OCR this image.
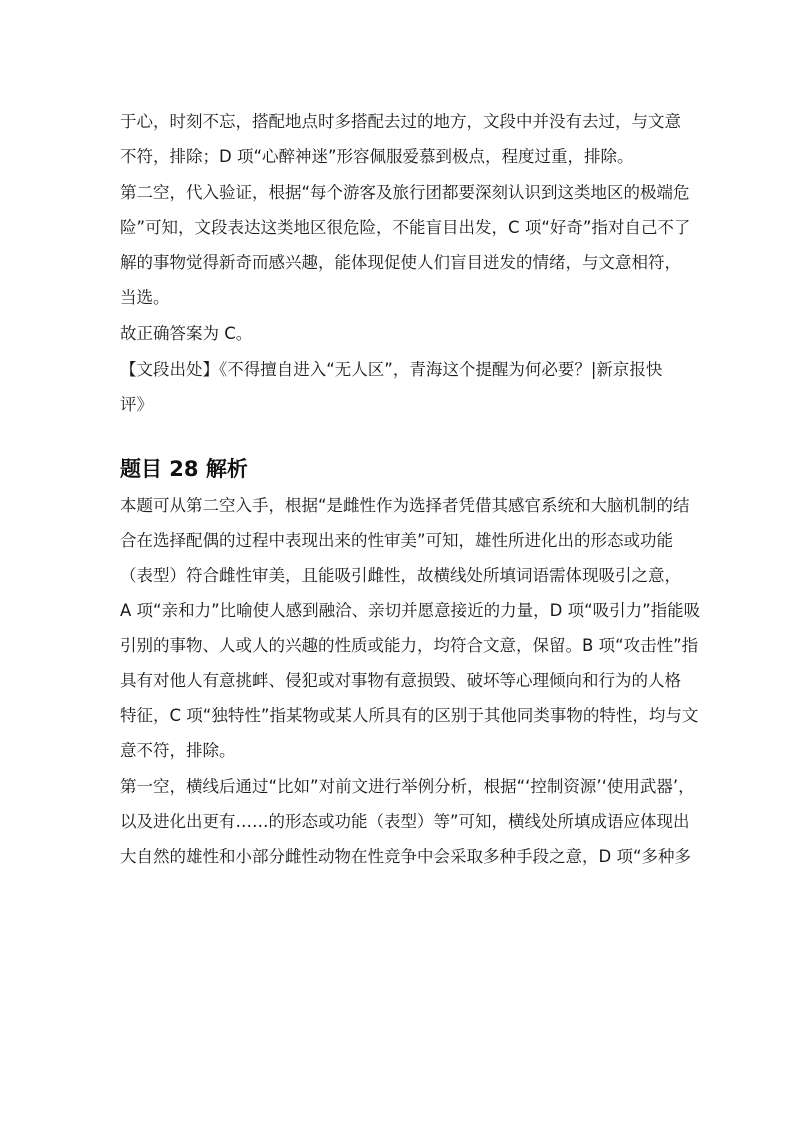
于心，时刻不忘，搭配地点时多搭配去过的地方，文段中并没有去过，与文意
不符，排除；D 项“心醉神迷”形容佩服爱慕到极点，程度过重，排除。

第二空，代入验证，根据“每个游客及旅行团都要深刻认识到这类地区的极端危
险”可知，文段表达这类地区很危险，不能盲目出发，C 项“好奇”指对自己不了
解的事物觉得新奇而感兴趣，能体现促使人们盲目迸发的情绪，与文意相符，
当选。

故正确答案为 C。

【文段出处】《不得擅自进入“无人区”，青海这个提醒为何必要？|新京报快
评》

题目 28 解析

本题可从第二空入手，根据“是雌性作为选择者凭借其感官系统和大脑机制的结
合在选择配偶的过程中表现出来的性审美”可知，雄性所进化出的形态或功能
（表型）符合雌性审美，且能吸引雌性，故横线处所填词语需体现吸引之意，
A 项“亲和力”比喻使人感到融洽、亲切并愿意接近的力量，D 项“吸引力”指能吸
引别的事物、人或人的兴趣的性质或能力，均符合文意，保留。B 项“攻击性”指
具有对他人有意挑衅、侵犯或对事物有意损毁、破坏等心理倾向和行为的人格
特征，C 项“独特性”指某物或某人所具有的区别于其他同类事物的特性，均与文
意不符，排除。

第一空，横线后通过“比如”对前文进行举例分析，根据“‘控制资源’‘使用武器’，
以及进化出更有……的形态或功能（表型）等”可知，横线处所填成语应体现出
大自然的雄性和小部分雌性动物在性竞争中会采取多种手段之意，D 项“多种多
